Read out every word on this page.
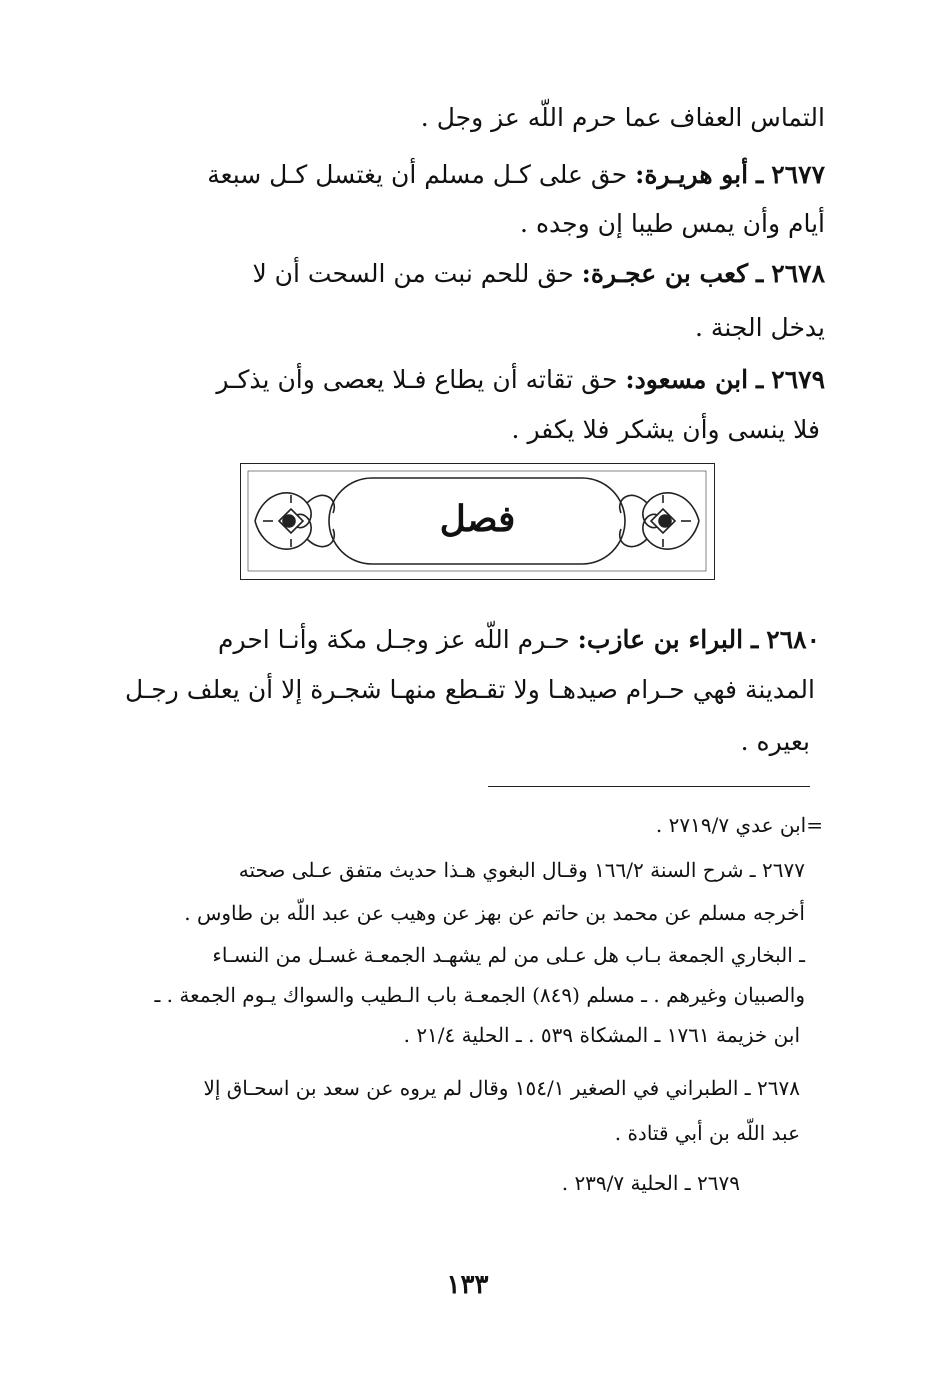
التماس العفاف عما حرم اللّه عز وجل .
٢٦٧٧ ـ أبو هريـرة: حق على كـل مسلم أن يغتسل كـل سبعة
أيام وأن يمس طيبا إن وجده .
٢٦٧٨ ـ كعب بن عجـرة: حق للحم نبت من السحت أن لا
يدخل الجنة .
٢٦٧٩ ـ ابن مسعود: حق تقاته أن يطاع فـلا يعصى وأن يذكـر
فلا ينسى وأن يشكر فلا يكفر .
فصل
٢٦٨٠ ـ البراء بن عازب: حـرم اللّه عز وجـل مكة وأنـا احرم
المدينة فهي حـرام صيدهـا ولا تقـطع منهـا شجـرة إلا أن يعلف رجـل
بعيره .
=ابن عدي ٢٧١٩/٧ .
٢٦٧٧ ـ شرح السنة ١٦٦/٢ وقـال البغوي هـذا حديث متفق عـلى صحته
أخرجه مسلم عن محمد بن حاتم عن بهز عن وهيب عن عبد اللّه بن طاوس .
ـ البخاري الجمعة بـاب هل عـلى من لم يشهـد الجمعـة غسـل من النسـاء
والصبيان وغيرهم . ـ مسلم (٨٤٩) الجمعـة باب الـطيب والسواك يـوم الجمعة . ـ
ابن خزيمة ١٧٦١ ـ المشكاة ٥٣٩ . ـ الحلية ٢١/٤ .
٢٦٧٨ ـ الطبراني في الصغير ١٥٤/١ وقال لم يروه عن سعد بن اسحـاق إلا
عبد اللّه بن أبي قتادة .
٢٦٧٩ ـ الحلية ٢٣٩/٧ .
١٣٣
